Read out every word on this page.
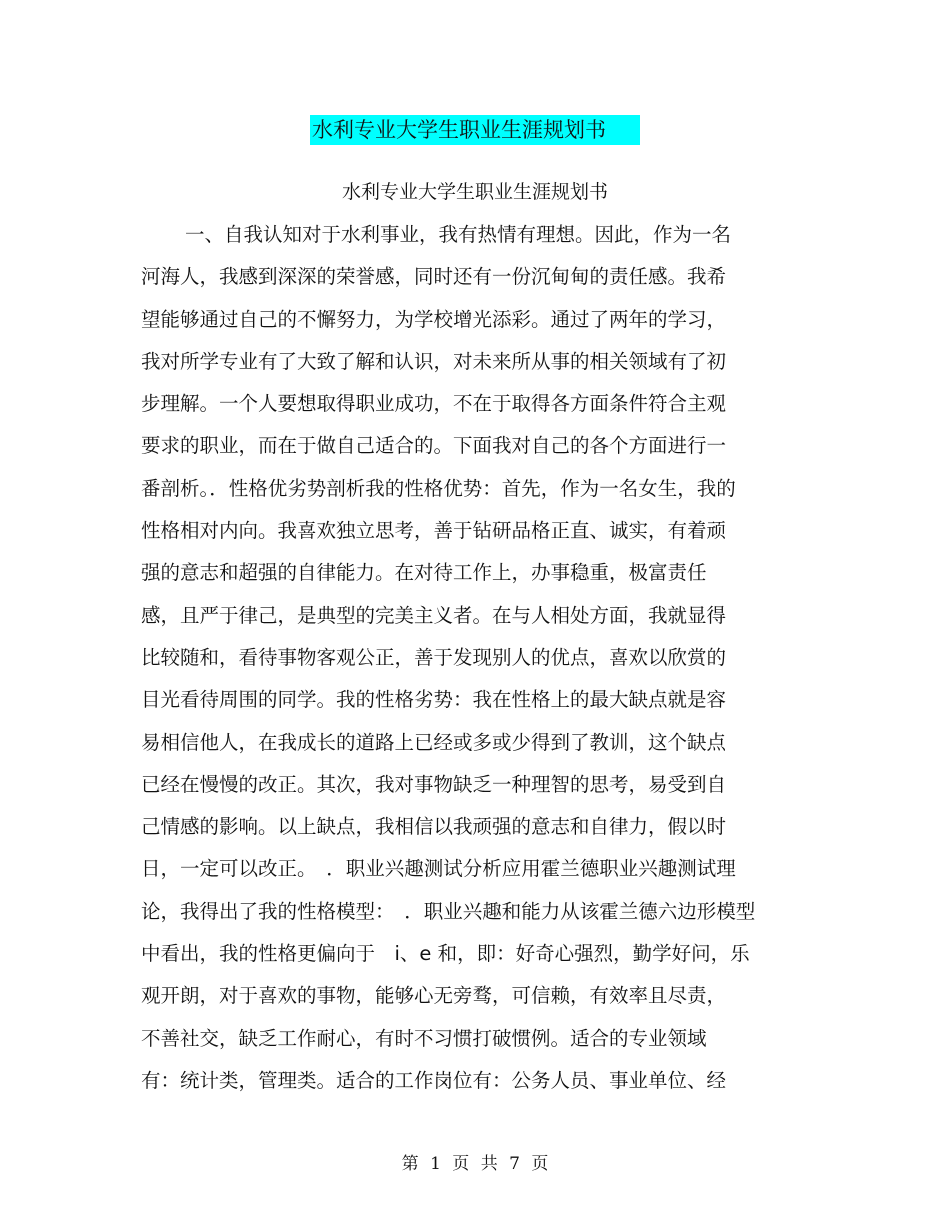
水利专业大学生职业生涯规划书
水利专业大学生职业生涯规划书
一、自我认知对于水利事业，我有热情有理想。因此，作为一名
河海人，我感到深深的荣誉感，同时还有一份沉甸甸的责任感。我希
望能够通过自己的不懈努力，为学校增光添彩。通过了两年的学习，
我对所学专业有了大致了解和认识，对未来所从事的相关领域有了初
步理解。一个人要想取得职业成功，不在于取得各方面条件符合主观
要求的职业，而在于做自己适合的。下面我对自己的各个方面进行一
番剖析。．性格优劣势剖析我的性格优势：首先，作为一名女生，我的
性格相对内向。我喜欢独立思考，善于钻研品格正直、诚实，有着顽
强的意志和超强的自律能力。在对待工作上，办事稳重，极富责任
感，且严于律己，是典型的完美主义者。在与人相处方面，我就显得
比较随和，看待事物客观公正，善于发现别人的优点，喜欢以欣赏的
目光看待周围的同学。我的性格劣势：我在性格上的最大缺点就是容
易相信他人，在我成长的道路上已经或多或少得到了教训，这个缺点
已经在慢慢的改正。其次，我对事物缺乏一种理智的思考，易受到自
己情感的影响。以上缺点，我相信以我顽强的意志和自律力，假以时
日，一定可以改正。　．职业兴趣测试分析应用霍兰德职业兴趣测试理
论，我得出了我的性格模型：　．职业兴趣和能力从该霍兰德六边形模型
中看出，我的性格更偏向于　i、e 和，即：好奇心强烈，勤学好问，乐
观开朗，对于喜欢的事物，能够心无旁骛，可信赖，有效率且尽责，
不善社交，缺乏工作耐心，有时不习惯打破惯例。适合的专业领域
有：统计类，管理类。适合的工作岗位有：公务人员、事业单位、经
第 1 页 共 7 页
